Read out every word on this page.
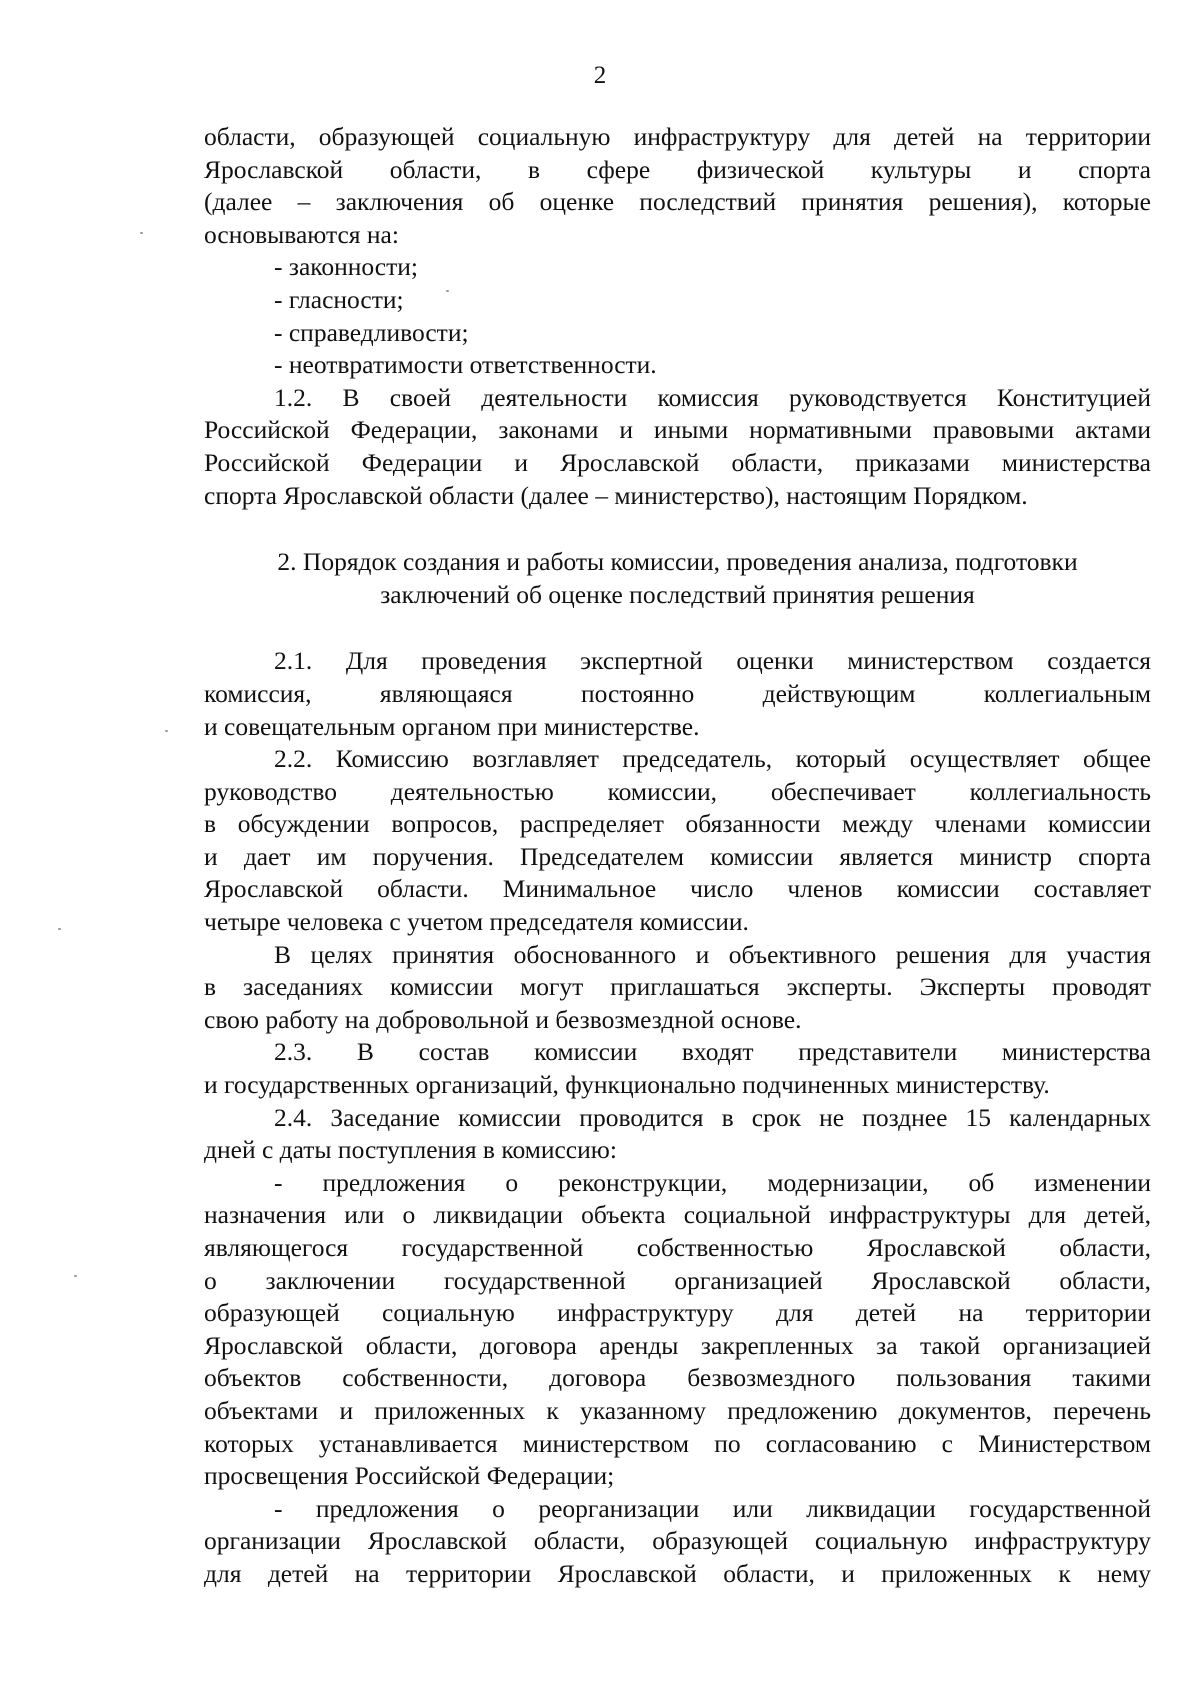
2
области, образующей социальную инфраструктуру для детей на территории
Ярославской области, в сфере физической культуры и спорта
(далее – заключения об оценке последствий принятия решения), которые
основываются на:
- законности;
- гласности;
- справедливости;
- неотвратимости ответственности.
1.2. В своей деятельности комиссия руководствуется Конституцией
Российской Федерации, законами и иными нормативными правовыми актами
Российской Федерации и Ярославской области, приказами министерства
спорта Ярославской области (далее – министерство), настоящим Порядком.
2. Порядок создания и работы комиссии, проведения анализа, подготовки
заключений об оценке последствий принятия решения
2.1. Для проведения экспертной оценки министерством создается
комиссия, являющаяся постоянно действующим коллегиальным
и совещательным органом при министерстве.
2.2. Комиссию возглавляет председатель, который осуществляет общее
руководство деятельностью комиссии, обеспечивает коллегиальность
в обсуждении вопросов, распределяет обязанности между членами комиссии
и дает им поручения. Председателем комиссии является министр спорта
Ярославской области. Минимальное число членов комиссии составляет
четыре человека с учетом председателя комиссии.
В целях принятия обоснованного и объективного решения для участия
в заседаниях комиссии могут приглашаться эксперты. Эксперты проводят
свою работу на добровольной и безвозмездной основе.
2.3. В состав комиссии входят представители министерства
и государственных организаций, функционально подчиненных министерству.
2.4. Заседание комиссии проводится в срок не позднее 15 календарных
дней с даты поступления в комиссию:
- предложения о реконструкции, модернизации, об изменении
назначения или о ликвидации объекта социальной инфраструктуры для детей,
являющегося государственной собственностью Ярославской области,
о заключении государственной организацией Ярославской области,
образующей социальную инфраструктуру для детей на территории
Ярославской области, договора аренды закрепленных за такой организацией
объектов собственности, договора безвозмездного пользования такими
объектами и приложенных к указанному предложению документов, перечень
которых устанавливается министерством по согласованию с Министерством
просвещения Российской Федерации;
- предложения о реорганизации или ликвидации государственной
организации Ярославской области, образующей социальную инфраструктуру
для детей на территории Ярославской области, и приложенных к нему
